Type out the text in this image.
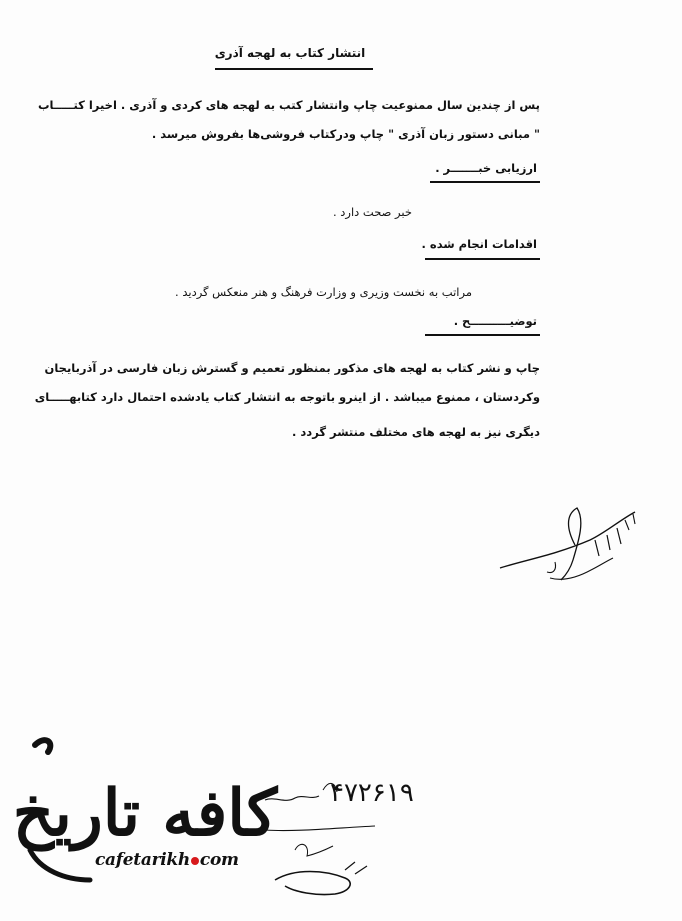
انتشار کتاب به لهجه آذری
پس از چندین سال ممنوعیت چاپ وانتشار کتب به لهجه های کردی و آذری . اخیرا کتـــــاب
" مبانی دستور زبان آذری " چاپ ودرکتاب فروشی‌ها بفروش میرسد .
ارزیابی خبـــــــر .
خبر صحت دارد .
اقدامات انجام شده .
مراتب به نخست وزیری و وزارت فرهنگ و هنر منعکس گردید .
توضیــــــــــح .
چاپ و نشر کتاب به لهجه های مذکور بمنظور تعمیم و گسترش زبان فارسی در آذربایجان
وکردستان ، ممنوع میباشد . از اینرو باتوجه به انتشار کتاب یادشده احتمال دارد کتابهـــــای
دیگری نیز به لهجه های مختلف منتشر گردد .
۴۷۲۶۱۹
کافه تاریخ
cafetarikh com
